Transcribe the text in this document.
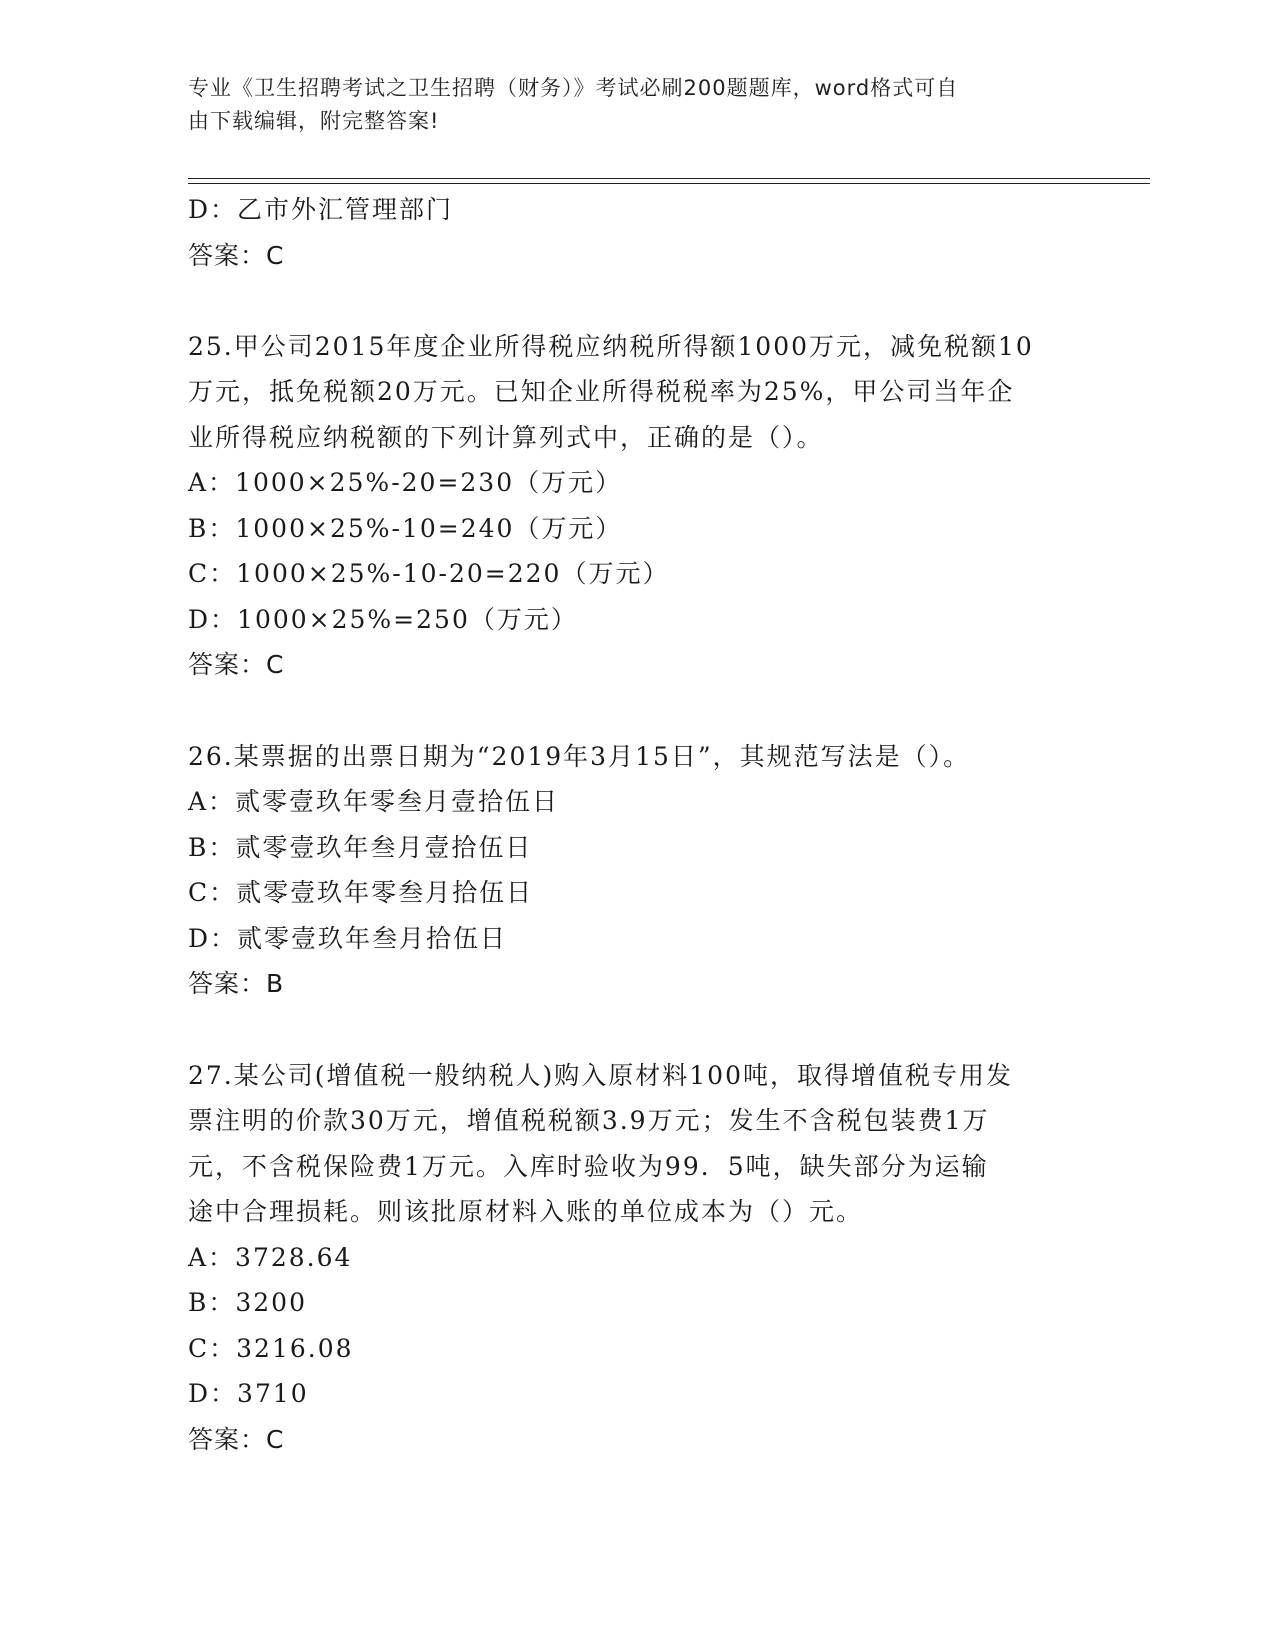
专业《卫生招聘考试之卫生招聘（财务）》考试必刷200题题库，word格式可自
由下载编辑，附完整答案!
D：乙市外汇管理部门
答案：C
25.甲公司2015年度企业所得税应纳税所得额1000万元，减免税额10
万元，抵免税额20万元。已知企业所得税税率为25%，甲公司当年企
业所得税应纳税额的下列计算列式中，正确的是（）。
A：1000×25%-20=230（万元）
B：1000×25%-10=240（万元）
C：1000×25%-10-20=220（万元）
D：1000×25%=250（万元）
答案：C
26.某票据的出票日期为“2019年3月15日”，其规范写法是（）。
A：贰零壹玖年零叁月壹拾伍日
B：贰零壹玖年叁月壹拾伍日
C：贰零壹玖年零叁月拾伍日
D：贰零壹玖年叁月拾伍日
答案：B
27.某公司(增值税一般纳税人)购入原材料100吨，取得增值税专用发
票注明的价款30万元，增值税税额3.9万元；发生不含税包装费1万
元，不含税保险费1万元。入库时验收为99．5吨，缺失部分为运输
途中合理损耗。则该批原材料入账的单位成本为（）元。
A：3728.64
B：3200
C：3216.08
D：3710
答案：C
